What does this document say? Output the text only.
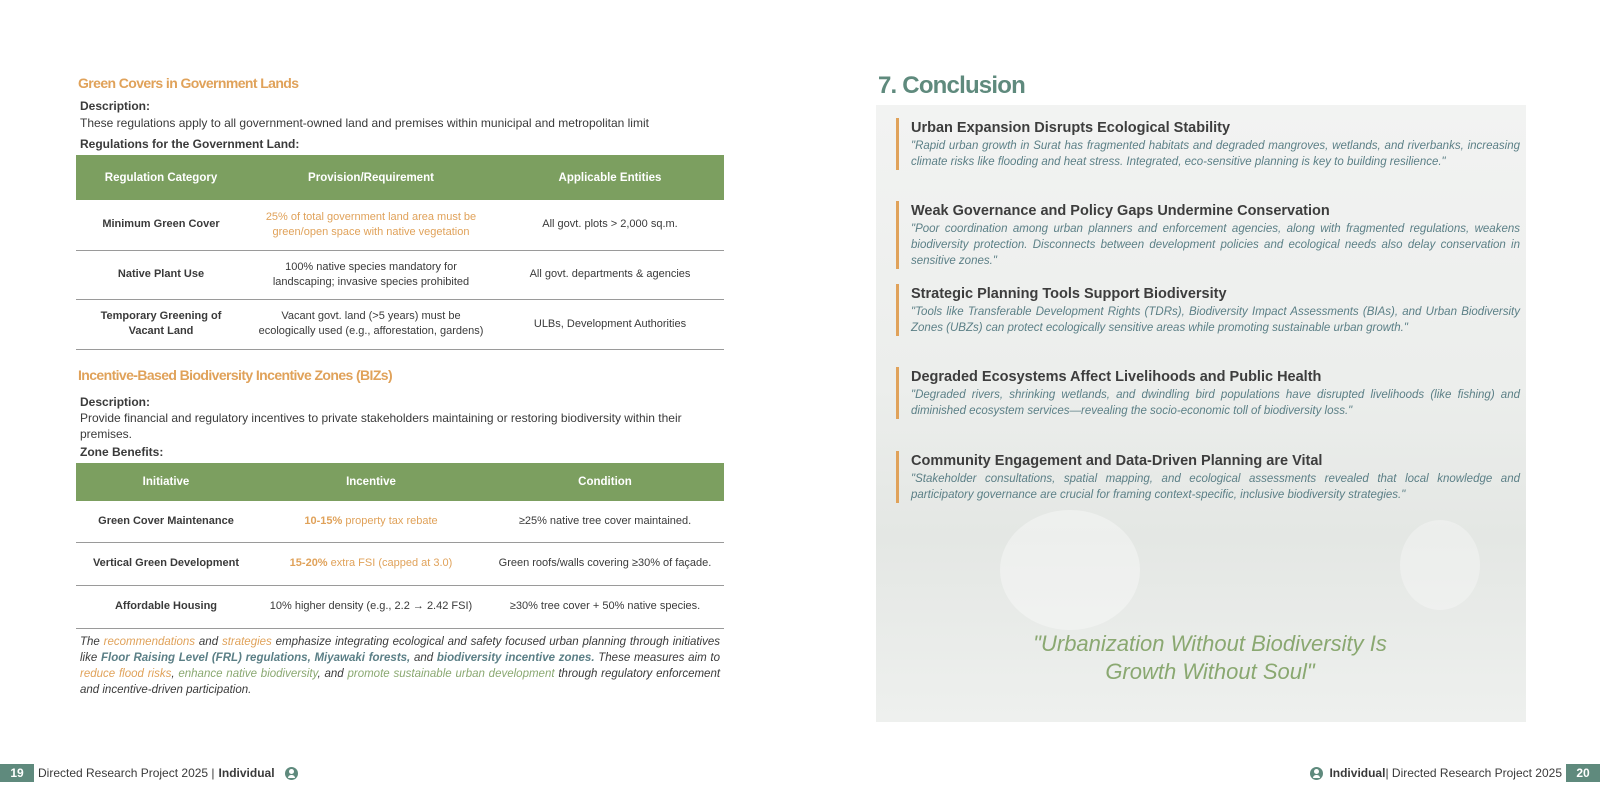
Green Covers in Government Lands
Description:
These regulations apply to all government-owned land and premises within municipal and metropolitan limit
Regulations for the Government Land:
Regulation Category	Provision/Requirement	Applicable Entities
Minimum Green Cover	25% of total government land area must be green/open space with native vegetation	All govt. plots > 2,000 sq.m.
Native Plant Use	100% native species mandatory for landscaping; invasive species prohibited	All govt. departments & agencies
Temporary Greening of Vacant Land	Vacant govt. land (>5 years) must be ecologically used (e.g., afforestation, gardens)	ULBs, Development Authorities
Incentive-Based Biodiversity Incentive Zones (BIZs)
Description:
Provide financial and regulatory incentives to private stakeholders maintaining or restoring biodiversity within their premises.
Zone Benefits:
Initiative	Incentive	Condition
Green Cover Maintenance	10-15% property tax rebate	≥25% native tree cover maintained.
Vertical Green Development	15-20% extra FSI (capped at 3.0)	Green roofs/walls covering ≥30% of façade.
Affordable Housing	10% higher density (e.g., 2.2 → 2.42 FSI)	≥30% tree cover + 50% native species.
The recommendations and strategies emphasize integrating ecological and safety focused urban planning through initiatives like Floor Raising Level (FRL) regulations, Miyawaki forests, and biodiversity incentive zones. These measures aim to reduce flood risks, enhance native biodiversity, and promote sustainable urban development through regulatory enforcement and incentive-driven participation.
19	Directed Research Project 2025 | Individual
7. Conclusion
Urban Expansion Disrupts Ecological Stability
"Rapid urban growth in Surat has fragmented habitats and degraded mangroves, wetlands, and riverbanks, increasing climate risks like flooding and heat stress. Integrated, eco-sensitive planning is key to building resilience."
Weak Governance and Policy Gaps Undermine Conservation
"Poor coordination among urban planners and enforcement agencies, along with fragmented regulations, weakens biodiversity protection. Disconnects between development policies and ecological needs also delay conservation in sensitive zones."
Strategic Planning Tools Support Biodiversity
"Tools like Transferable Development Rights (TDRs), Biodiversity Impact Assessments (BIAs), and Urban Biodiversity Zones (UBZs) can protect ecologically sensitive areas while promoting sustainable urban growth."
Degraded Ecosystems Affect Livelihoods and Public Health
"Degraded rivers, shrinking wetlands, and dwindling bird populations have disrupted livelihoods (like fishing) and diminished ecosystem services—revealing the socio-economic toll of biodiversity loss."
Community Engagement and Data-Driven Planning are Vital
"Stakeholder consultations, spatial mapping, and ecological assessments revealed that local knowledge and participatory governance are crucial for framing context-specific, inclusive biodiversity strategies."
"Urbanization Without Biodiversity Is
Growth Without Soul"
Individual | Directed Research Project 2025	20
